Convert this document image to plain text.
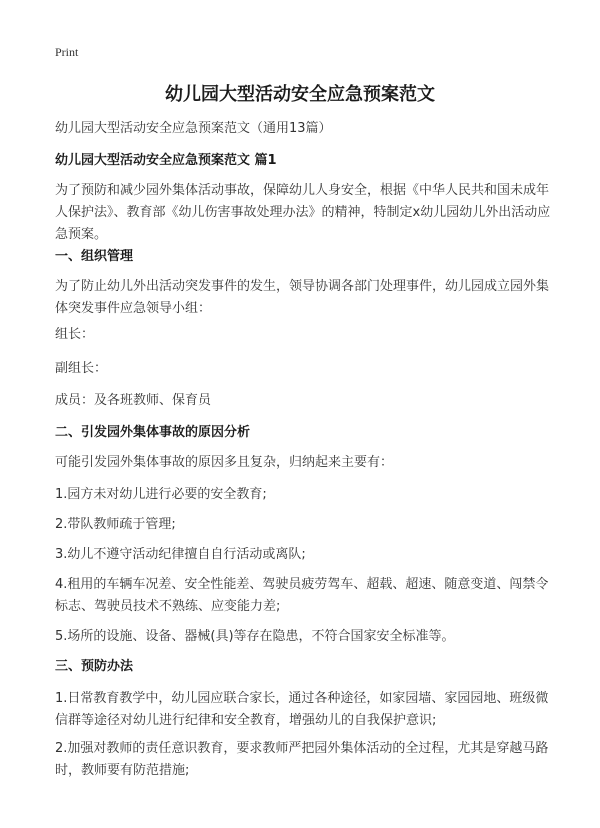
Print
幼儿园大型活动安全应急预案范文

幼儿园大型活动安全应急预案范文（通用13篇）

幼儿园大型活动安全应急预案范文 篇1

为了预防和减少园外集体活动事故，保障幼儿人身安全，根据《中华人民共和国未成年人保护法》、教育部《幼儿伤害事故处理办法》的精神，特制定x幼儿园幼儿外出活动应急预案。

一、组织管理

为了防止幼儿外出活动突发事件的发生，领导协调各部门处理事件，幼儿园成立园外集体突发事件应急领导小组：

组长：

副组长：

成员：及各班教师、保育员

二、引发园外集体事故的原因分析

可能引发园外集体事故的原因多且复杂，归纳起来主要有：

1.园方未对幼儿进行必要的安全教育;

2.带队教师疏于管理;

3.幼儿不遵守活动纪律擅自自行活动或离队;

4.租用的车辆车况差、安全性能差、驾驶员疲劳驾车、超载、超速、随意变道、闯禁令标志、驾驶员技术不熟练、应变能力差;

5.场所的设施、设备、器械(具)等存在隐患，不符合国家安全标准等。

三、预防办法

1.日常教育教学中，幼儿园应联合家长，通过各种途径，如家园墙、家园园地、班级微信群等途径对幼儿进行纪律和安全教育，增强幼儿的自我保护意识;

2.加强对教师的责任意识教育，要求教师严把园外集体活动的全过程，尤其是穿越马路时，教师要有防范措施;
